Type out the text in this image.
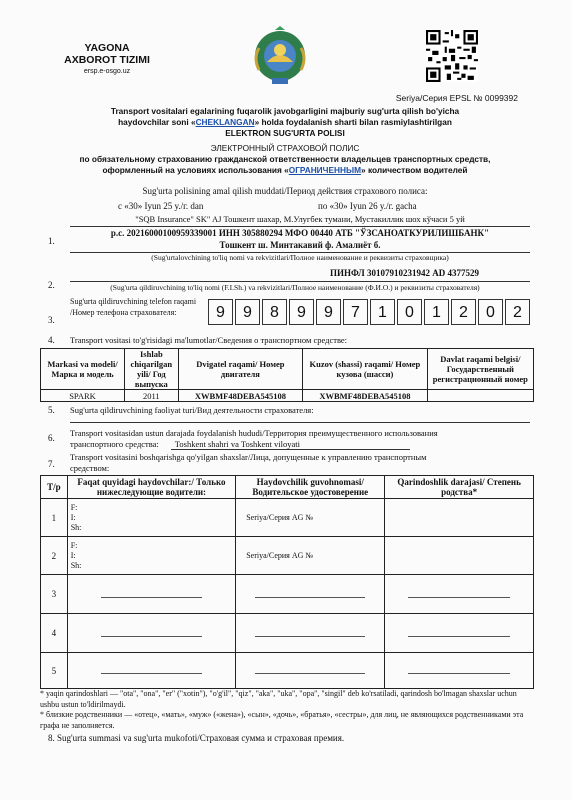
YAGONA
AXBOROT TIZIMI
ersp.e-osgo.uz
Seriya/Серия EPSL № 0099392
Transport vositalari egalarining fuqarolik javobgarligini majburiy sug'urta qilish bo'yicha
haydovchilar soni «CHEKLANGAN» holda foydalanish sharti bilan rasmiylashtirilgan
ELEKTRON SUG'URTA POLISI
ЭЛЕКТРОННЫЙ СТРАХОВОЙ ПОЛИС
по обязательному страхованию гражданской ответственности владельцев транспортных средств,
оформленный на условиях использования «ОГРАНИЧЕННЫМ» количеством водителей
Sug'urta polisining amal qilish muddati/Период действия страхового полиса:
с «30» Iyun 25 y./г. dan	по «30» Iyun 26 y./г. gacha
1.
"SQB Insurance" SK" AJ Тошкент шахар, М.Улугбек тумани, Мустакиллик шох кўчаси 5 уй
р.с. 20216000100959339001 ИНН 305880294 МФО 00440 АТБ "ЎЗСАНОАТКУРИЛИШБАНК"
Тошкент ш. Минтакавий ф. Амалиёт б.
(Sug'urtalovchining to'liq nomi va rekvizitlari/Полное наименование и реквизиты страховщика)
2.
ПИНФЛ 30107910231942 AD 4377529
(Sug'urta qildiruvchining to'liq nomi (F.I.Sh.) va rekvizitlari/Полное наименование (Ф.И.О.) и реквизиты страхователя)
3.
Sug'urta qildiruvchining telefon raqami /Номер телефона страхователя:	9	9	8	9	9	7	1	0	1	2	0	2
4. Transport vositasi to'g'risidagi ma'lumotlar/Сведения о транспортном средстве:
Markasi va modeli/ Марка и модель	Ishlab chiqarilgan yili/ Год выпуска	Dvigatel raqami/ Номер двигателя	Kuzov (shassi) raqami/ Номер кузова (шасси)	Davlat raqami belgisi/ Государственный регистрационный номер
SPARK	2011	XWBMF48DEBA545108	XWBMF48DEBA545108	
5. Sug'urta qildiruvchining faoliyat turi/Вид деятельности страхователя:
6. Transport vositasidan ustun darajada foydalanish hududi/Территория преимущественного использования
транспортного средства: Toshkent shahri va Toshkent viloyati
7.
Transport vositasini boshqarishga qo'yilgan shaxslar/Лица, допущенные к управлению транспортным
средством:
T/p	Faqat quyidagi haydovchilar:/ Только нижеследующие водители:	Haydovchilik guvohnomasi/ Водительское удостоверение	Qarindoshlik darajasi/ Степень родства*
1	F:
I:
Sh:	Seriya/Серия AG №	
2	F:
I:
Sh:	Seriya/Серия AG №	
3	

4	

5	

* yaqin qarindoshlari — "ota", "ona", "er" ("xotin"), "o'g'il", "qiz", "aka", "uka", "opa", "singil" deb ko'rsatiladi, qarindosh bo'lmagan shaxslar uchun ushbu ustun to'ldirilmaydi.
* близкие родственники — «отец», «мать», «муж» («жена»), «сын», «дочь», «братья», «сестры», для лиц, не являющихся родственниками эта графа не заполняется.
8. Sug'urta summasi va sug'urta mukofoti/Страховая сумма и страховая премия.
